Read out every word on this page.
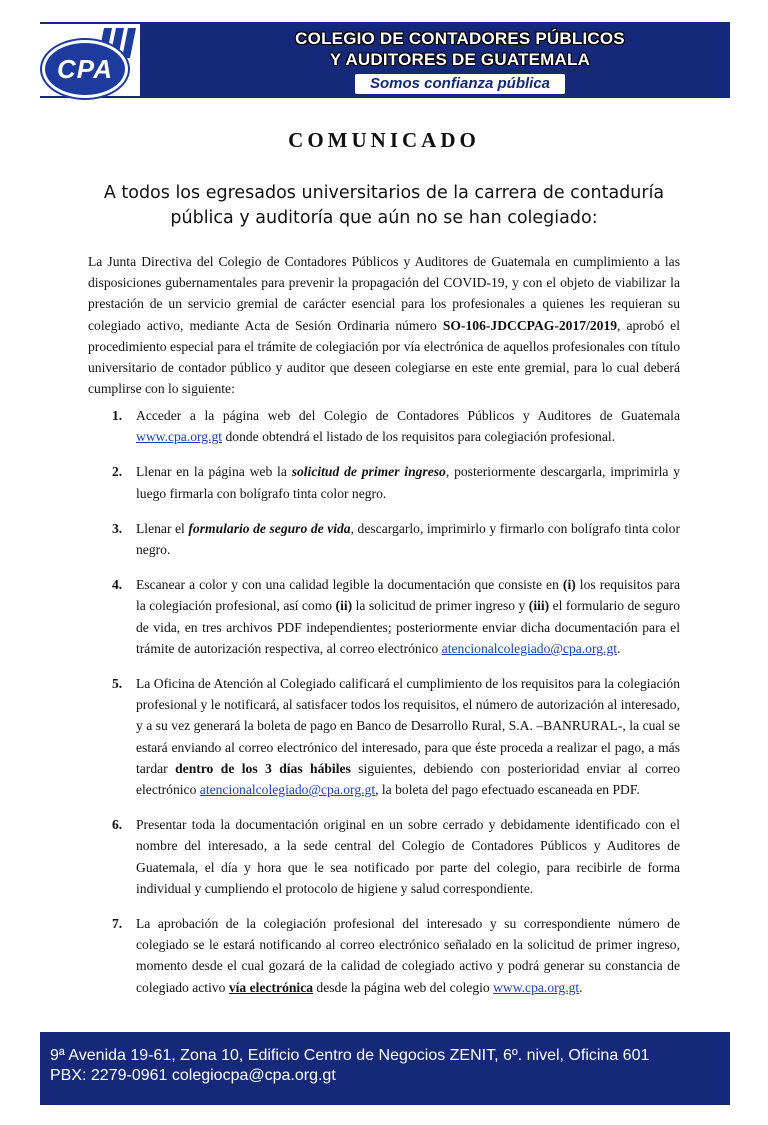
CPA
COLEGIO DE CONTADORES PÚBLICOS
Y AUDITORES DE GUATEMALA
Somos confianza pública
COMUNICADO
A todos los egresados universitarios de la carrera de contaduría pública y auditoría que aún no se han colegiado:

La Junta Directiva del Colegio de Contadores Públicos y Auditores de Guatemala en cumplimiento a las disposiciones gubernamentales para prevenir la propagación del COVID-19, y con el objeto de viabilizar la prestación de un servicio gremial de carácter esencial para los profesionales a quienes les requieran su colegiado activo, mediante Acta de Sesión Ordinaria número SO-106-JDCCPAG-2017/2019, aprobó el procedimiento especial para el trámite de colegiación por vía electrónica de aquellos profesionales con título universitario de contador público y auditor que deseen colegiarse en este ente gremial, para lo cual deberá cumplirse con lo siguiente:

1. Acceder a la página web del Colegio de Contadores Públicos y Auditores de Guatemala www.cpa.org.gt donde obtendrá el listado de los requisitos para colegiación profesional.
2. Llenar en la página web la solicitud de primer ingreso, posteriormente descargarla, imprimirla y luego firmarla con bolígrafo tinta color negro.
3. Llenar el formulario de seguro de vida, descargarlo, imprimirlo y firmarlo con bolígrafo tinta color negro.
4. Escanear a color y con una calidad legible la documentación que consiste en (i) los requisitos para la colegiación profesional, así como (ii) la solicitud de primer ingreso y (iii) el formulario de seguro de vida, en tres archivos PDF independientes; posteriormente enviar dicha documentación para el trámite de autorización respectiva, al correo electrónico atencionalcolegiado@cpa.org.gt.
5. La Oficina de Atención al Colegiado calificará el cumplimiento de los requisitos para la colegiación profesional y le notificará, al satisfacer todos los requisitos, el número de autorización al interesado, y a su vez generará la boleta de pago en Banco de Desarrollo Rural, S.A. –BANRURAL-, la cual se estará enviando al correo electrónico del interesado, para que éste proceda a realizar el pago, a más tardar dentro de los 3 días hábiles siguientes, debiendo con posterioridad enviar al correo electrónico atencionalcolegiado@cpa.org.gt, la boleta del pago efectuado escaneada en PDF.
6. Presentar toda la documentación original en un sobre cerrado y debidamente identificado con el nombre del interesado, a la sede central del Colegio de Contadores Públicos y Auditores de Guatemala, el día y hora que le sea notificado por parte del colegio, para recibirle de forma individual y cumpliendo el protocolo de higiene y salud correspondiente.
7. La aprobación de la colegiación profesional del interesado y su correspondiente número de colegiado se le estará notificando al correo electrónico señalado en la solicitud de primer ingreso, momento desde el cual gozará de la calidad de colegiado activo y podrá generar su constancia de colegiado activo vía electrónica desde la página web del colegio www.cpa.org.gt.
9ª Avenida 19-61, Zona 10, Edificio Centro de Negocios ZENIT, 6º. nivel, Oficina 601
PBX: 2279-0961 colegiocpa@cpa.org.gt
